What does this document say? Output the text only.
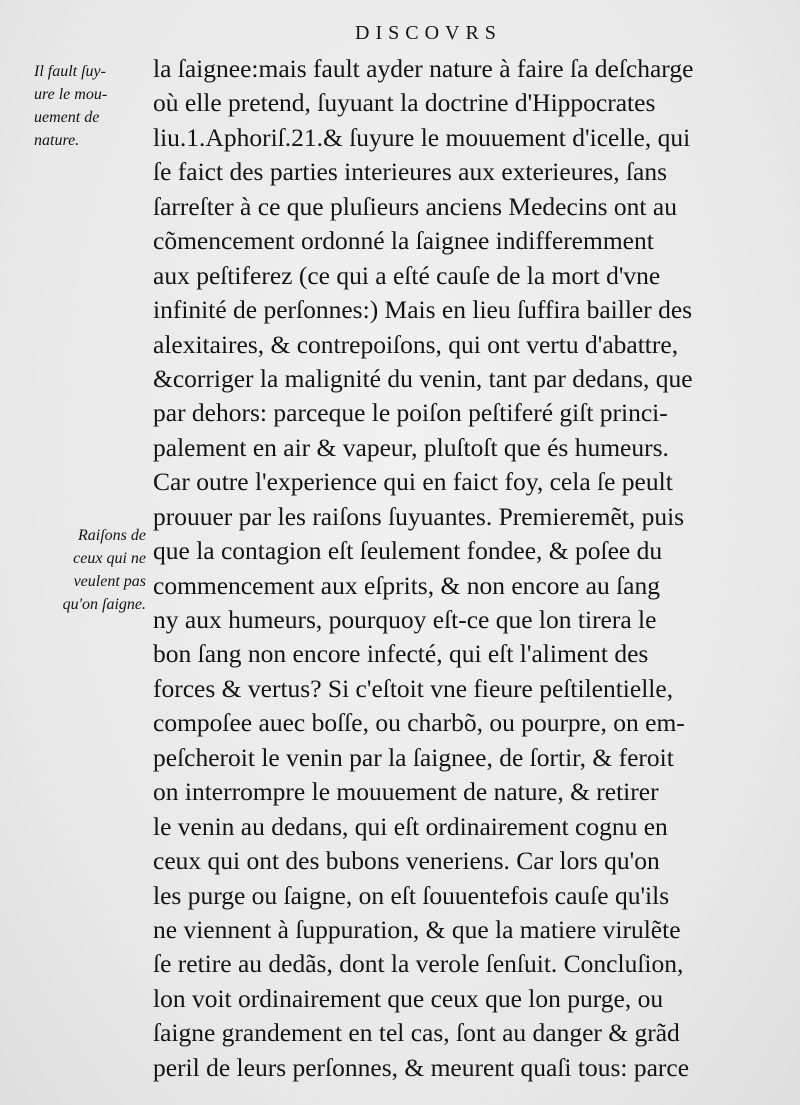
DISCOVRS
Il fault ſuy-
ure le mou-
uement de
nature.
Raiſons de
ceux qui ne
veulent pas
qu'on ſaigne.
la ſaignee:mais fault ayder nature à faire ſa deſcharge
où elle pretend, ſuyuant la doctrine d'Hippocrates
liu.1.Aphoriſ.21.& ſuyure le mouuement d'icelle, qui
ſe faict des parties interieures aux exterieures, ſans
ſarreſter à ce que pluſieurs anciens Medecins ont au
cõmencement ordonné la ſaignee indifferemment
aux peſtiferez (ce qui a eſté cauſe de la mort d'vne
infinité de perſonnes:) Mais en lieu ſuffira bailler des
alexitaires, & contrepoiſons, qui ont vertu d'abattre,
&corriger la malignité du venin, tant par dedans, que
par dehors: parceque le poiſon peſtiferé giſt princi-
palement en air & vapeur, pluſtoſt que és humeurs.
Car outre l'experience qui en faict foy, cela ſe peult
prouuer par les raiſons ſuyuantes. Premieremẽt, puis
que la contagion eſt ſeulement fondee, & poſee du
commencement aux eſprits, & non encore au ſang
ny aux humeurs, pourquoy eſt-ce que lon tirera le
bon ſang non encore infecté, qui eſt l'aliment des
forces & vertus? Si c'eſtoit vne fieure peſtilentielle,
compoſee auec boſſe, ou charbõ, ou pourpre, on em-
peſcheroit le venin par la ſaignee, de ſortir, & feroit
on interrompre le mouuement de nature, & retirer
le venin au dedans, qui eſt ordinairement cognu en
ceux qui ont des bubons veneriens. Car lors qu'on
les purge ou ſaigne, on eſt ſouuentefois cauſe qu'ils
ne viennent à ſuppuration, & que la matiere virulẽte
ſe retire au dedãs, dont la verole ſenſuit. Concluſion,
lon voit ordinairement que ceux que lon purge, ou
ſaigne grandement en tel cas, ſont au danger & grãd
peril de leurs perſonnes, & meurent quaſi tous: parce
